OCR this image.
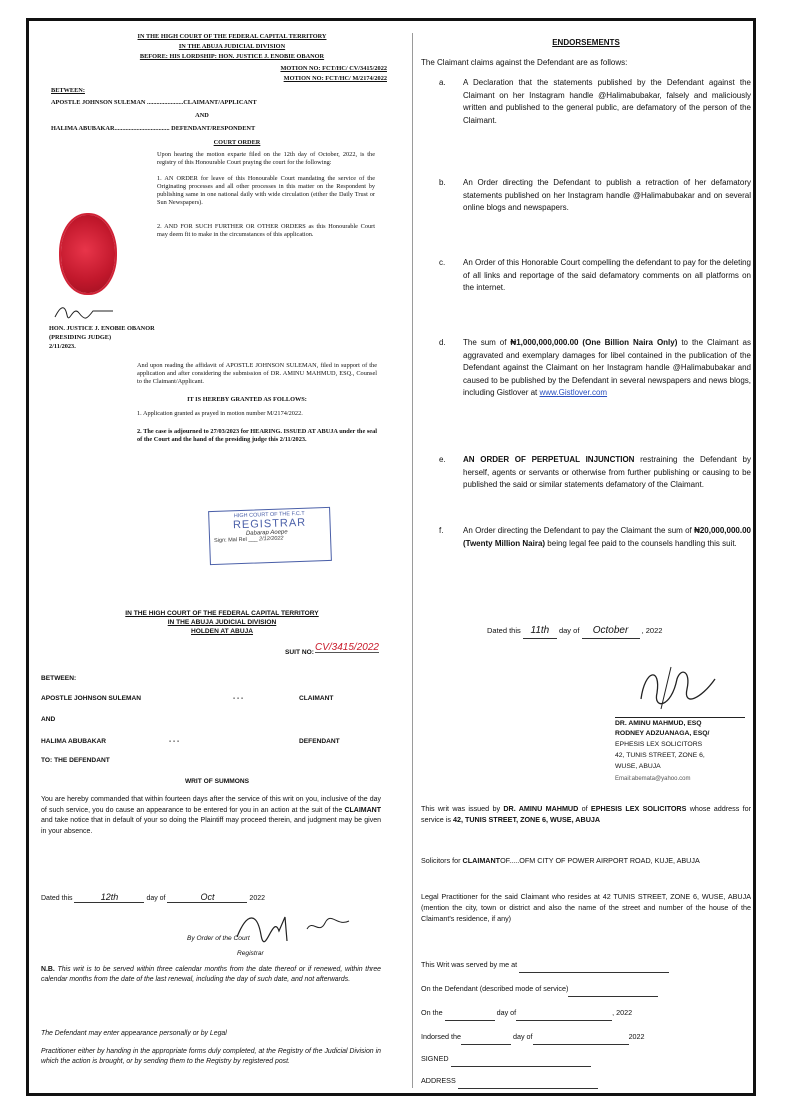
IN THE HIGH COURT OF THE FEDERAL CAPITAL TERRITORY
IN THE ABUJA JUDICIAL DIVISION
BEFORE: HIS LORDSHIP: HON. JUSTICE J. ENOBIE OBANOR
MOTION NO: FCT/HC/ CV/3415/2022
MOTION NO: FCT/HC/ M/2174/2022
BETWEEN:
APOSTLE JOHNSON SULEMAN .......................CLAIMANT/APPLICANT
AND
HALIMA ABUBAKAR................................... DEFENDANT/RESPONDENT
COURT ORDER
Upon hearing the motion exparte filed on the 12th day of October, 2022, is the registry of this Honourable Court praying the court for the following:
1. AN ORDER for leave of this Honourable Court mandating the service of the Originating processes and all other processes in this matter on the Respondent by publishing same in one national daily with wide circulation (either the Daily Trust or Sun Newspapers).
2. AND FOR SUCH FURTHER OR OTHER ORDERS as this Honourable Court may deem fit to make in the circumstances of this application.
HON. JUSTICE J. ENOBIE OBANOR
(PRESIDING JUDGE)
2/11/2023.
And upon reading the affidavit of APOSTLE JOHNSON SULEMAN, filed in support of the application and after considering the submission of DR. AMINU MAHMUD, ESQ., Counsel to the Claimant/Applicant.
IT IS HEREBY GRANTED AS FOLLOWS:
1. Application granted as prayed in motion number M/2174/2022.
2. The case is adjourned to 27/03/2023 for HEARING. ISSUED AT ABUJA under the seal of the Court and the hand of the presiding judge this 2/11/2023.
HIGH COURT OF THE F.C.T
REGISTRAR
Dabarap Aoepe
Sign: Mal Rel ___ 2/12/2022
IN THE HIGH COURT OF THE FEDERAL CAPITAL TERRITORY
IN THE ABUJA JUDICIAL DIVISION
HOLDEN AT ABUJA
SUIT NO: CV/3415/2022
BETWEEN:
APOSTLE JOHNSON SULEMAN	- - -	CLAIMANT
AND
HALIMA ABUBAKAR	- - -	DEFENDANT
TO: THE DEFENDANT
WRIT OF SUMMONS
You are hereby commanded that within fourteen days after the service of this writ on you, inclusive of the day of such service, you do cause an appearance to be entered for you in an action at the suit of the CLAIMANT and take notice that in default of your so doing the Plaintiff may proceed therein, and judgment may be given in your absence.
Dated this	12th	day of	Oct	2022
By Order of the Court
Registrar
N.B. This writ is to be served within three calendar months from the date thereof or if renewed, within three calendar months from the date of the last renewal, including the day of such date, and not afterwards.
The Defendant may enter appearance personally or by Legal
Practitioner either by handing in the appropriate forms duly completed, at the Registry of the Judicial Division in which the action is brought, or by sending them to the Registry by registered post.
ENDORSEMENTS
The Claimant claims against the Defendant are as follows:
a. A Declaration that the statements published by the Defendant against the Claimant on her Instagram handle @Halimabubakar, falsely and maliciously written and published to the general public, are defamatory of the person of the Claimant.
b. An Order directing the Defendant to publish a retraction of her defamatory statements published on her Instagram handle @Halimabubakar and on several online blogs and newspapers.
c. An Order of this Honorable Court compelling the defendant to pay for the deleting of all links and reportage of the said defamatory comments on all platforms on the internet.
d. The sum of ₦1,000,000,000.00 (One Billion Naira Only) to the Claimant as aggravated and exemplary damages for libel contained in the publication of the Defendant against the Claimant on her Instagram handle @Halimabubakar and caused to be published by the Defendant in several newspapers and news blogs, including Gistlover at www.Gistlover.com
e. AN ORDER OF PERPETUAL INJUNCTION restraining the Defendant by herself, agents or servants or otherwise from further publishing or causing to be published the said or similar statements defamatory of the Claimant.
f. An Order directing the Defendant to pay the Claimant the sum of ₦20,000,000.00 (Twenty Million Naira) being legal fee paid to the counsels handling this suit.
Dated this 11th day of October , 2022
DR. AMINU MAHMUD, ESQ
RODNEY ADZUANAGA, ESQ/
EPHESIS LEX SOLICITORS
42, TUNIS STREET, ZONE 6,
WUSE, ABUJA
Email:abemata@yahoo.com
This writ was issued by DR. AMINU MAHMUD of EPHESIS LEX SOLICITORS whose address for service is 42, TUNIS STREET, ZONE 6, WUSE, ABUJA
Solicitors for CLAIMANTOF.....OFM CITY OF POWER AIRPORT ROAD, KUJE, ABUJA
Legal Practitioner for the said Claimant who resides at 42 TUNIS STREET, ZONE 6, WUSE, ABUJA (mention the city, town or district and also the name of the street and number of the house of the Claimant's residence, if any)
This Writ was served by me at
On the Defendant (described mode of service)
On the	day of	, 2022
Indorsed the	day of	2022
SIGNED
ADDRESS
